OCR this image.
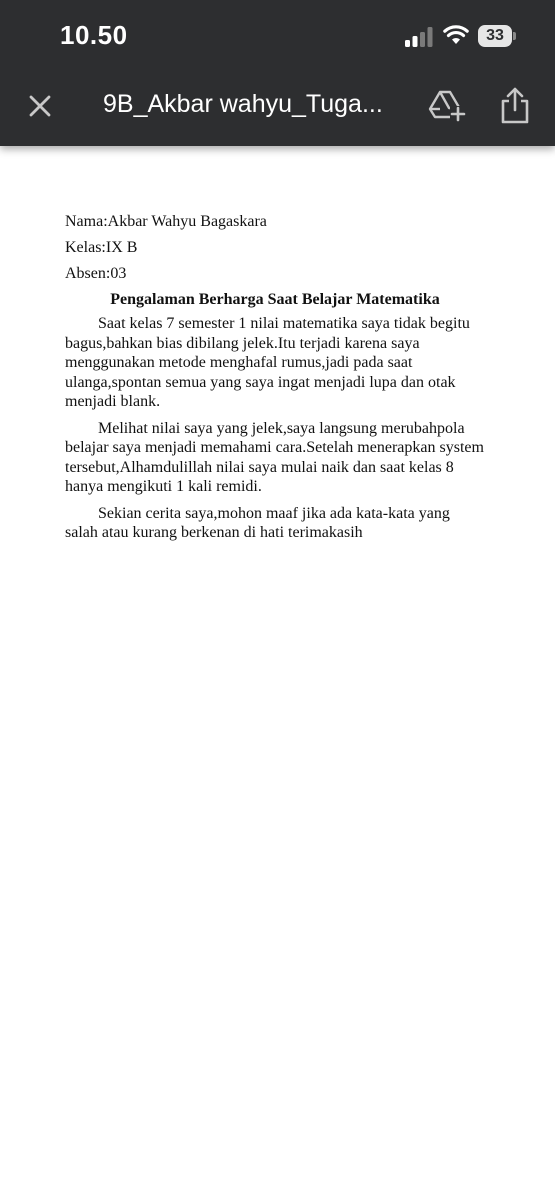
10.50	33
9B_Akbar wahyu_Tuga...

Nama:Akbar Wahyu Bagaskara

Kelas:IX B

Absen:03

Pengalaman Berharga Saat Belajar Matematika

Saat kelas 7 semester 1 nilai matematika saya tidak begitu bagus,bahkan bias dibilang jelek.Itu terjadi karena saya menggunakan metode menghafal rumus,jadi pada saat ulanga,spontan semua yang saya ingat menjadi lupa dan otak menjadi blank.

Melihat nilai saya yang jelek,saya langsung merubahpola belajar saya menjadi memahami cara.Setelah menerapkan system tersebut,Alhamdulillah nilai saya mulai naik dan saat kelas 8 hanya mengikuti 1 kali remidi.

Sekian cerita saya,mohon maaf jika ada kata-kata yang salah atau kurang berkenan di hati terimakasih
